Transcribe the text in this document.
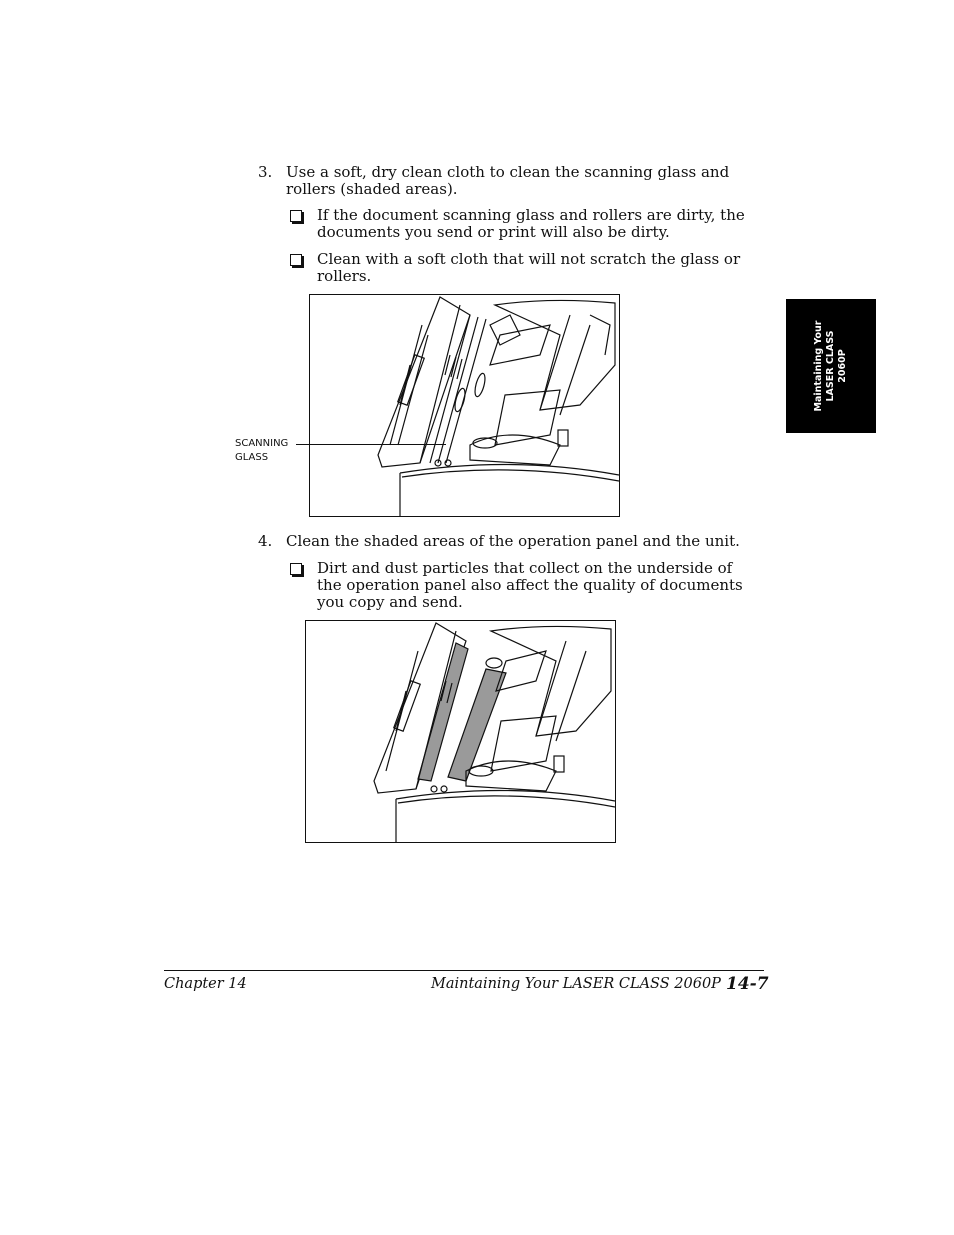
3. Use a soft, dry clean cloth to clean the scanning glass and rollers (shaded areas).
If the document scanning glass and rollers are dirty, the documents you send or print will also be dirty.
Clean with a soft cloth that will not scratch the glass or rollers.
SCANNING
GLASS
4. Clean the shaded areas of the operation panel and the unit.
Dirt and dust particles that collect on the underside of the operation panel also affect the quality of documents you copy and send.
Maintaining Your LASER CLASS 2060P
Chapter 14	Maintaining Your LASER CLASS 2060P 14-7
